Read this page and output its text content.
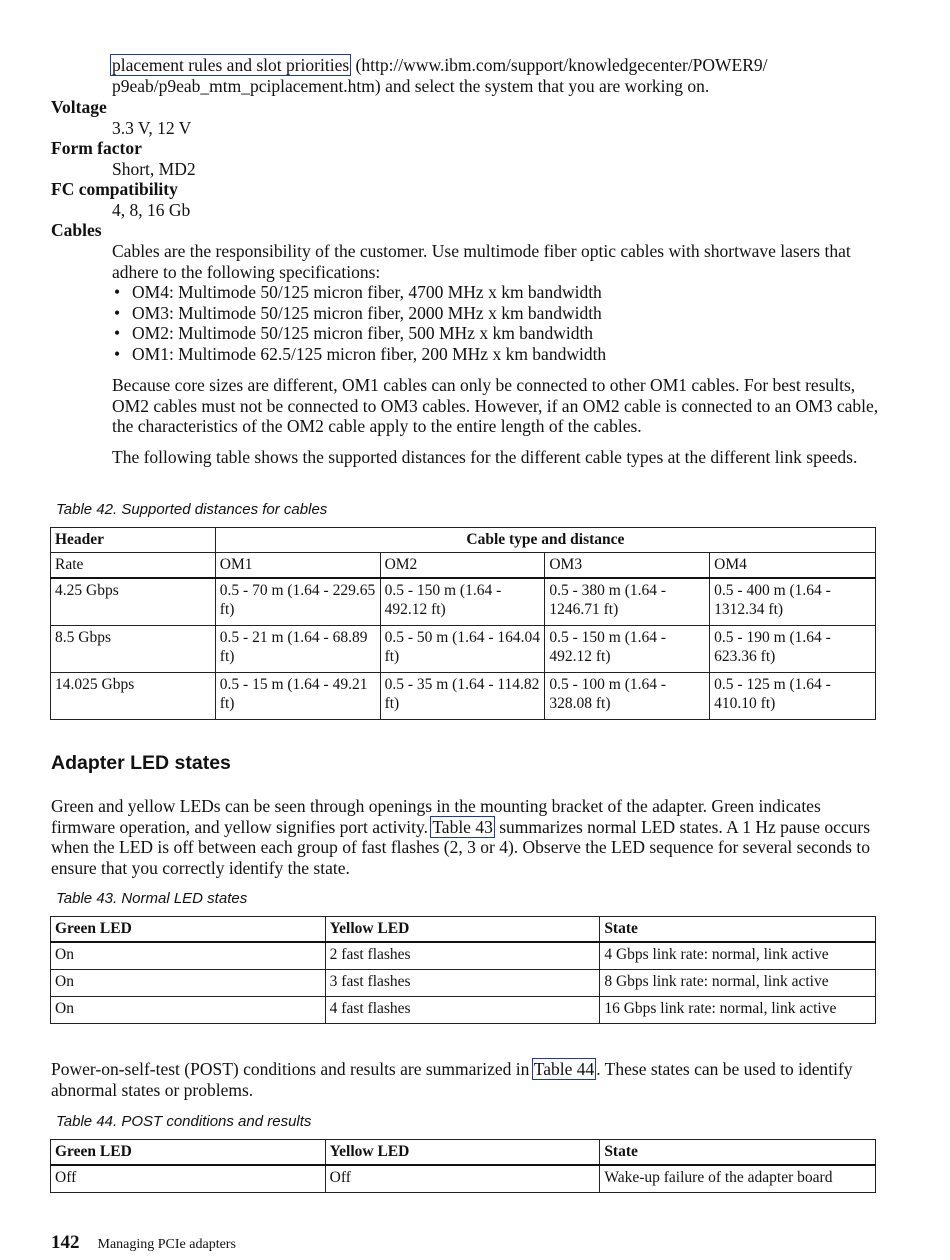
placement rules and slot priorities (http://www.ibm.com/support/knowledgecenter/POWER9/
p9eab/p9eab_mtm_pciplacement.htm) and select the system that you are working on.

Voltage

3.3 V, 12 V

Form factor

Short, MD2

FC compatibility

4, 8, 16 Gb

Cables

Cables are the responsibility of the customer. Use multimode fiber optic cables with shortwave lasers that adhere to the following specifications:

• OM4: Multimode 50/125 micron fiber, 4700 MHz x km bandwidth
• OM3: Multimode 50/125 micron fiber, 2000 MHz x km bandwidth
• OM2: Multimode 50/125 micron fiber, 500 MHz x km bandwidth
• OM1: Multimode 62.5/125 micron fiber, 200 MHz x km bandwidth

Because core sizes are different, OM1 cables can only be connected to other OM1 cables. For best results, OM2 cables must not be connected to OM3 cables. However, if an OM2 cable is connected to an OM3 cable, the characteristics of the OM2 cable apply to the entire length of the cables.

The following table shows the supported distances for the different cable types at the different link speeds.

Table 42. Supported distances for cables
Header	Cable type and distance			
Rate	OM1	OM2	OM3	OM4
4.25 Gbps	0.5 - 70 m (1.64 - 229.65 ft)	0.5 - 150 m (1.64 - 492.12 ft)	0.5 - 380 m (1.64 - 1246.71 ft)	0.5 - 400 m (1.64 - 1312.34 ft)
8.5 Gbps	0.5 - 21 m (1.64 - 68.89 ft)	0.5 - 50 m (1.64 - 164.04 ft)	0.5 - 150 m (1.64 - 492.12 ft)	0.5 - 190 m (1.64 - 623.36 ft)
14.025 Gbps	0.5 - 15 m (1.64 - 49.21 ft)	0.5 - 35 m (1.64 - 114.82 ft)	0.5 - 100 m (1.64 - 328.08 ft)	0.5 - 125 m (1.64 - 410.10 ft)
Adapter LED states

Green and yellow LEDs can be seen through openings in the mounting bracket of the adapter. Green indicates firmware operation, and yellow signifies port activity. Table 43 summarizes normal LED states. A 1 Hz pause occurs when the LED is off between each group of fast flashes (2, 3 or 4). Observe the LED sequence for several seconds to ensure that you correctly identify the state.

Table 43. Normal LED states
Green LED	Yellow LED	State
On	2 fast flashes	4 Gbps link rate: normal, link active
On	3 fast flashes	8 Gbps link rate: normal, link active
On	4 fast flashes	16 Gbps link rate: normal, link active

Power-on-self-test (POST) conditions and results are summarized in Table 44 . These states can be used to identify abnormal states or problems.

Table 44. POST conditions and results
Green LED	Yellow LED	State
Off	Off	Wake-up failure of the adapter board
142 Managing PCIe adapters
